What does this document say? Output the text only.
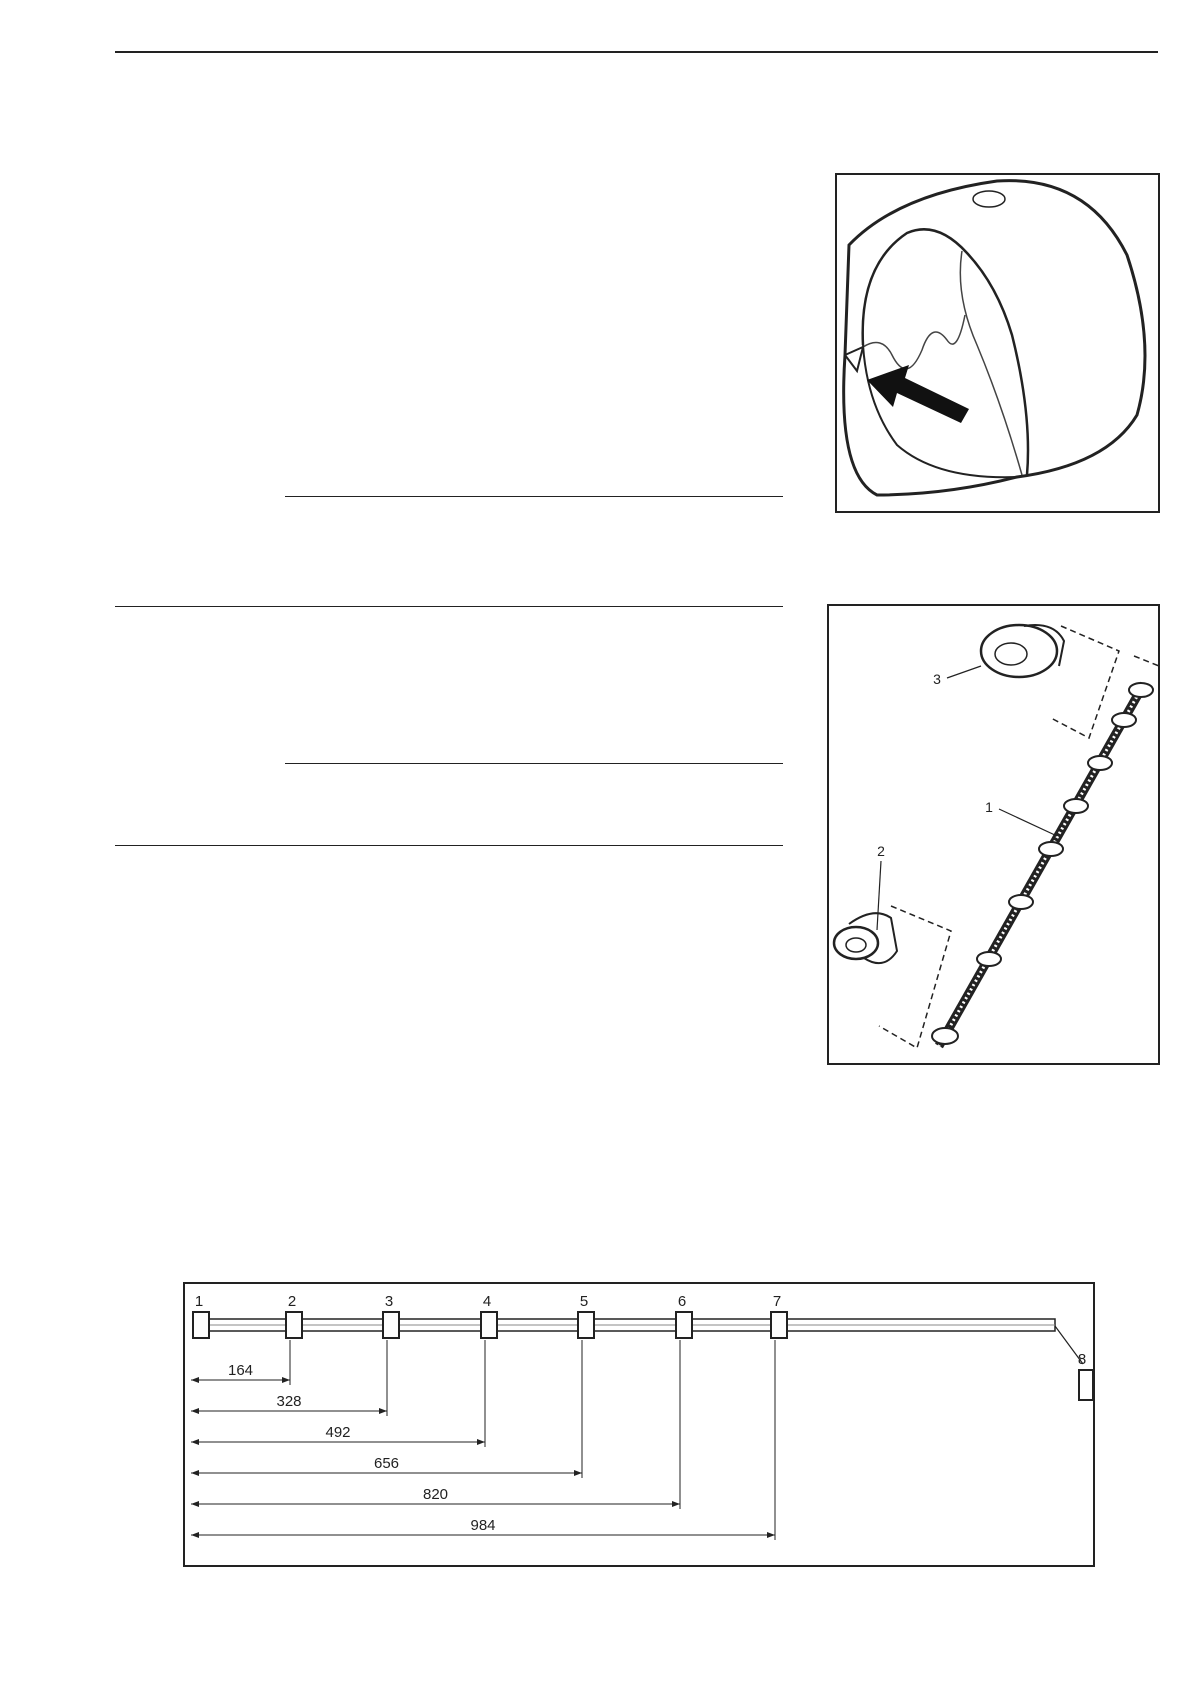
3
1
2
1	2	3	4	5	6	7
8
164
328
492
656
820
984
